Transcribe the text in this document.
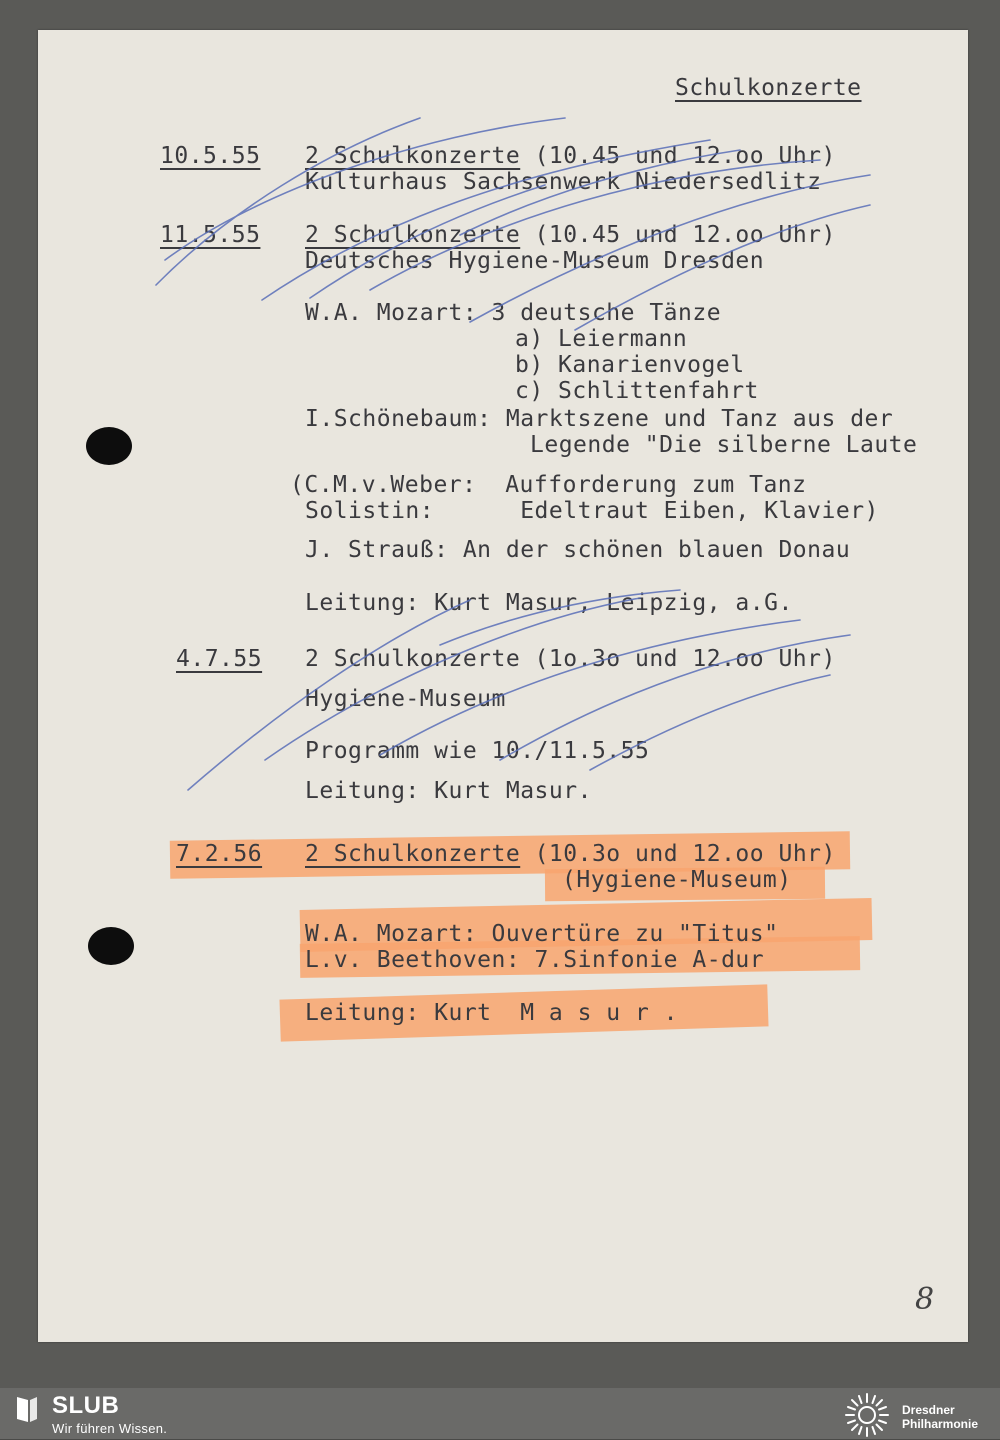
Schulkonzerte
10.5.55 2 Schulkonzerte (10.45 und 12.oo Uhr)
Kulturhaus Sachsenwerk Niedersedlitz
11.5.55 2 Schulkonzerte (10.45 und 12.oo Uhr)
Deutsches Hygiene-Museum Dresden
W.A. Mozart: 3 deutsche Tänze
a) Leiermann
b) Kanarienvogel
c) Schlittenfahrt
I.Schönebaum: Marktszene und Tanz aus der
Legende "Die silberne Laute
(C.M.v.Weber:  Aufforderung zum Tanz
Solistin:      Edeltraut Eiben, Klavier)
J. Strauß: An der schönen blauen Donau
Leitung: Kurt Masur, Leipzig, a.G.
4.7.55 2 Schulkonzerte (1o.3o und 12.oo Uhr)
Hygiene-Museum
Programm wie 10./11.5.55
Leitung: Kurt Masur.
7.2.56 2 Schulkonzerte (10.3o und 12.oo Uhr)
(Hygiene-Museum)
W.A. Mozart: Ouvertüre zu "Titus"
L.v. Beethoven: 7.Sinfonie A-dur
Leitung: Kurt  M a s u r .
8
SLUB
Wir führen Wissen.
Dresdner
Philharmonie
